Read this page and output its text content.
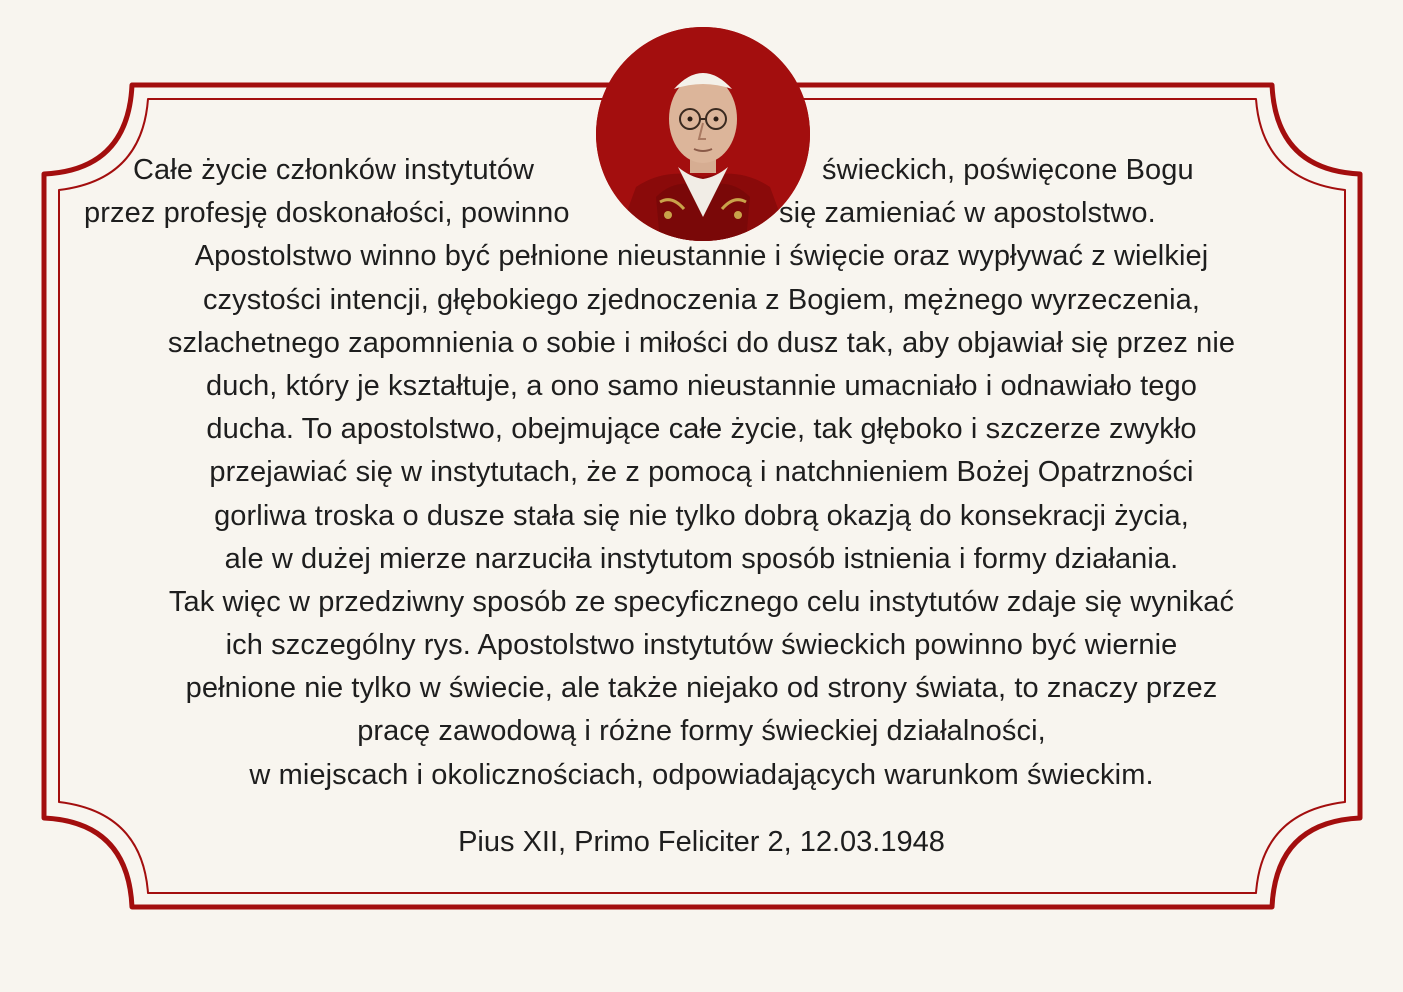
Całe życie członków instytutów	świeckich, poświęcone Bogu
przez profesję doskonałości, powinno	się zamieniać w apostolstwo.
Apostolstwo winno być pełnione nieustannie i święcie oraz wypływać z wielkiej
czystości intencji, głębokiego zjednoczenia z Bogiem, mężnego wyrzeczenia,
szlachetnego zapomnienia o sobie i miłości do dusz tak, aby objawiał się przez nie
duch, który je kształtuje, a ono samo nieustannie umacniało i odnawiało tego
ducha. To apostolstwo, obejmujące całe życie, tak głęboko i szczerze zwykło
przejawiać się w instytutach, że z pomocą i natchnieniem Bożej Opatrzności
gorliwa troska o dusze stała się nie tylko dobrą okazją do konsekracji życia,
ale w dużej mierze narzuciła instytutom sposób istnienia i formy działania.
Tak więc w przedziwny sposób ze specyficznego celu instytutów zdaje się wynikać
ich szczególny rys. Apostolstwo instytutów świeckich powinno być wiernie
pełnione nie tylko w świecie, ale także niejako od strony świata, to znaczy przez
pracę zawodową i różne formy świeckiej działalności,
w miejscach i okolicznościach, odpowiadających warunkom świeckim.
Pius XII, Primo Feliciter 2, 12.03.1948
